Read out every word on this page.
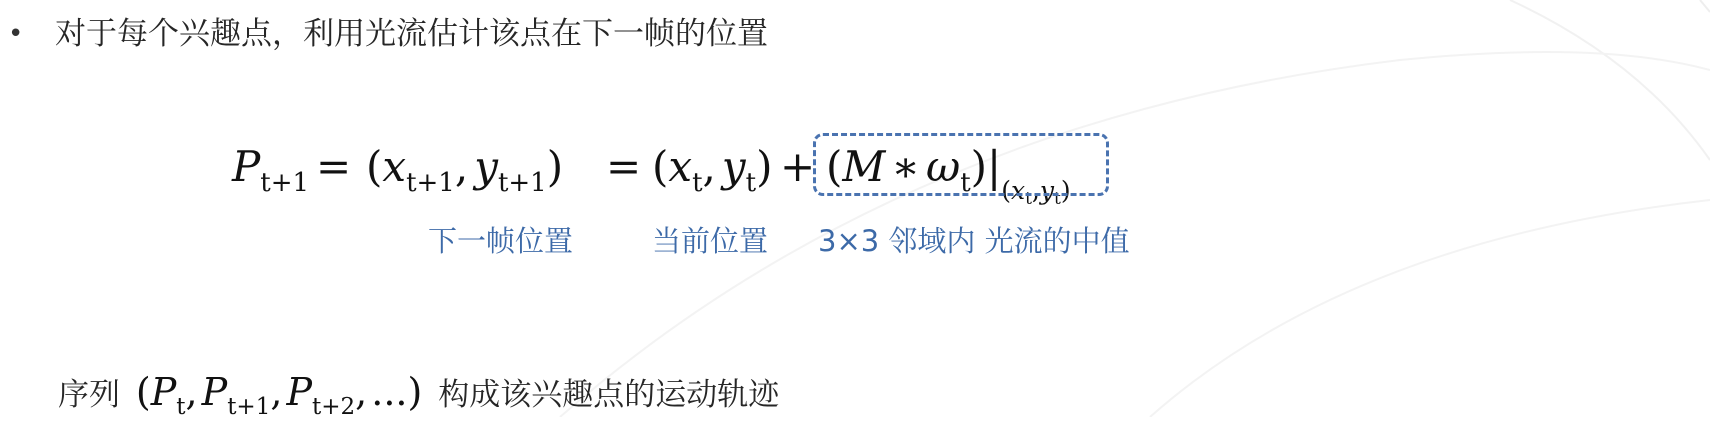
• 对于每个兴趣点，利用光流估计该点在下一帧的位置
Pt+1 = (xt+1, yt+1) = (xt, yt) + (M ∗ ωt)|(xt,yt)
下一帧位置	当前位置 3×3 邻域内 光流的中值
序列 ($P_t$, $P_{t+1}$, $P_{t+2}$, ...) 构成该兴趣点的运动轨迹
